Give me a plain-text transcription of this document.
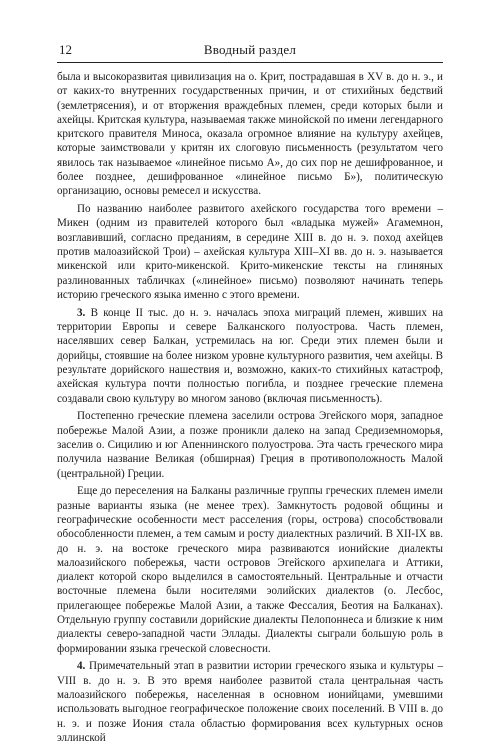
12	Вводный раздел

была и высокоразвитая цивилизация на о. Крит, пострадавшая в XV в. до н. э., и от каких-то внутренних государственных причин, и от стихийных бедствий (землетрясения), и от вторжения враждебных племен, среди которых были и ахейцы. Критская культура, называемая также минойской по имени легендарного критского правителя Миноса, оказала огромное влияние на культуру ахейцев, которые заимствовали у критян их слоговую письменность (результатом чего явилось так называемое «линейное письмо А», до сих пор не дешифрованное, и более позднее, дешифрованное «линейное письмо Б»), политическую организацию, основы ремесел и искусства.

По названию наиболее развитого ахейского государства того времени – Микен (одним из правителей которого был «владыка мужей» Агамемнон, возглавивший, согласно преданиям, в середине XIII в. до н. э. поход ахейцев против малоазийской Трои) – ахейская культура XIII–XI вв. до н. э. называется микенской или крито-микенской. Крито-микенские тексты на глиняных разлинованных табличках («линейное» письмо) позволяют начинать теперь историю греческого языка именно с этого времени.

3. В конце II тыс. до н. э. началась эпоха миграций племен, живших на территории Европы и севере Балканского полуострова. Часть племен, населявших север Балкан, устремилась на юг. Среди этих племен были и дорийцы, стоявшие на более низком уровне культурного развития, чем ахейцы. В результате дорийского нашествия и, возможно, каких-то стихийных катастроф, ахейская культура почти полностью погибла, и позднее греческие племена создавали свою культуру во многом заново (включая письменность).

Постепенно греческие племена заселили острова Эгейского моря, западное побережье Малой Азии, а позже проникли далеко на запад Средиземноморья, заселив о. Сицилию и юг Апеннинского полуострова. Эта часть греческого мира получила название Великая (обширная) Греция в противоположность Малой (центральной) Греции.

Еще до переселения на Балканы различные группы греческих племен имели разные варианты языка (не менее трех). Замкнутость родовой общины и географические особенности мест расселения (горы, острова) способствовали обособленности племен, а тем самым и росту диалектных различий. В XII-IX вв. до н. э. на востоке греческого мира развиваются ионийские диалекты малоазийского побережья, части островов Эгейского архипелага и Аттики, диалект которой скоро выделился в самостоятельный. Центральные и отчасти восточные племена были носителями эолийских диалектов (о. Лесбос, прилегающее побережье Малой Азии, а также Фессалия, Беотия на Балканах). Отдельную группу составили дорийские диалекты Пелопоннеса и близкие к ним диалекты северо-западной части Эллады. Диалекты сыграли большую роль в формировании языка греческой словесности.

4. Примечательный этап в развитии истории греческого языка и культуры – VIII в. до н. э. В это время наиболее развитой стала центральная часть малоазийского побережья, населенная в основном ионийцами, умевшими использовать выгодное географическое положение своих поселений. В VIII в. до н. э. и позже Иония стала областью формирования всех культурных основ эллинской
